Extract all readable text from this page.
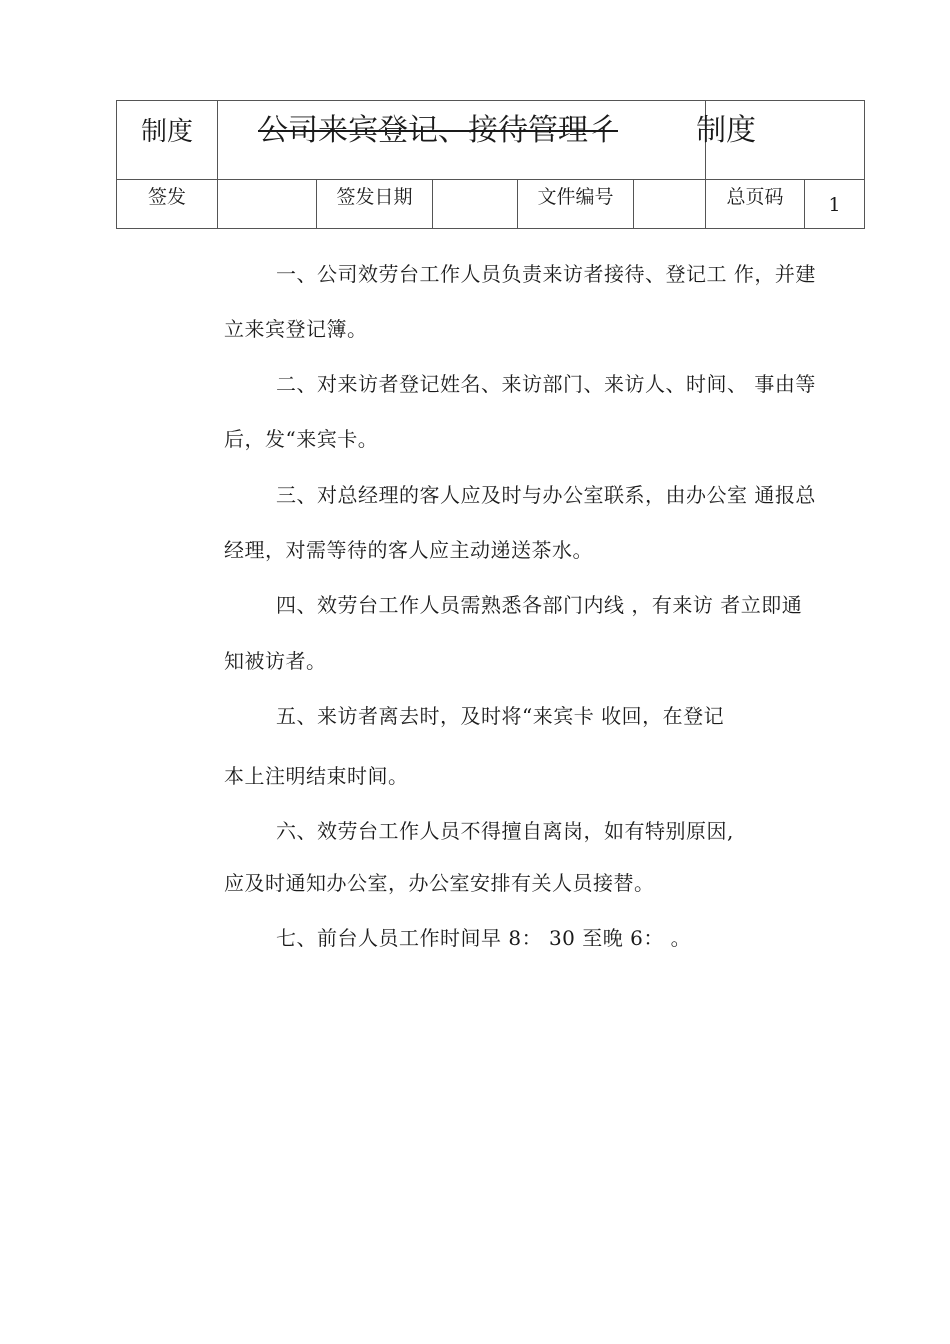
制度	公司来宾登记、接待管理彳					制度	

签发		签发日期		文件编号		总页码	1
一、公司效劳台工作人员负责来访者接待、登记工 作，并建
立来宾登记簿。
二、对来访者登记姓名、来访部门、来访人、时间、 事由等
后，发“来宾卡。
三、对总经理的客人应及时与办公室联系，由办公室 通报总
经理，对需等待的客人应主动递送茶水。
四、效劳台工作人员需熟悉各部门内线 ，有来访 者立即通
知被访者。
五、来访者离去时，及时将“来宾卡 收回，在登记
本上注明结束时间。
六、效劳台工作人员不得擅自离岗，如有特别原因,
应及时通知办公室，办公室安排有关人员接替。
七、前台人员工作时间早 8： 30 至晚 6： 。
